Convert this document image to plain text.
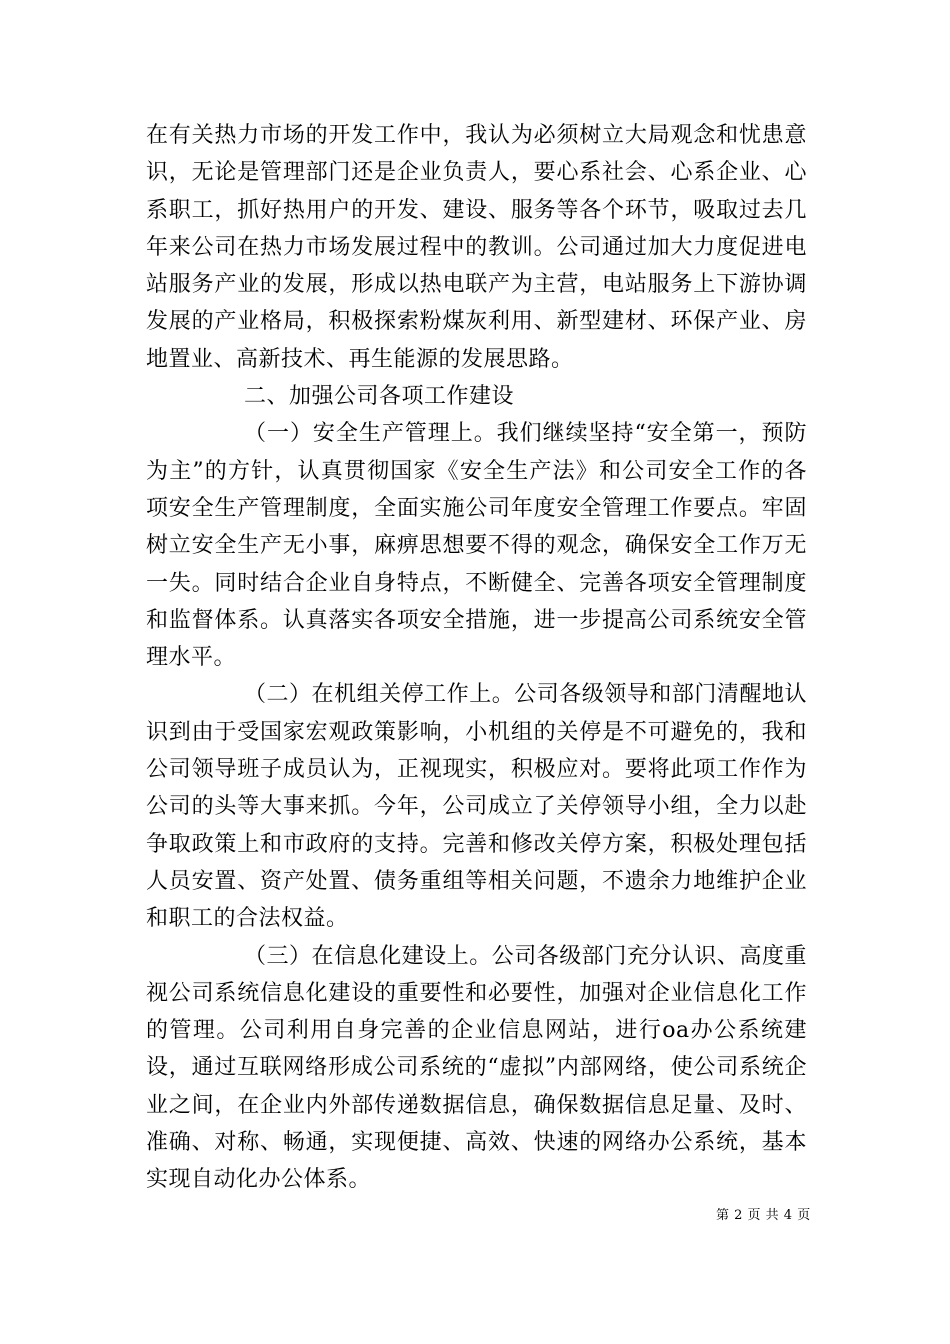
在有关热力市场的开发工作中，我认为必须树立大局观念和忧患意识，无论是管理部门还是企业负责人，要心系社会、心系企业、心系职工，抓好热用户的开发、建设、服务等各个环节，吸取过去几年来公司在热力市场发展过程中的教训。公司通过加大力度促进电站服务产业的发展，形成以热电联产为主营，电站服务上下游协调发展的产业格局，积极探索粉煤灰利用、新型建材、环保产业、房地置业、高新技术、再生能源的发展思路。

二、加强公司各项工作建设

（一）安全生产管理上。我们继续坚持“安全第一，预防为主”的方针，认真贯彻国家《安全生产法》和公司安全工作的各项安全生产管理制度，全面实施公司年度安全管理工作要点。牢固树立安全生产无小事，麻痹思想要不得的观念，确保安全工作万无一失。同时结合企业自身特点，不断健全、完善各项安全管理制度和监督体系。认真落实各项安全措施，进一步提高公司系统安全管理水平。

（二）在机组关停工作上。公司各级领导和部门清醒地认识到由于受国家宏观政策影响，小机组的关停是不可避免的，我和公司领导班子成员认为，正视现实，积极应对。要将此项工作作为公司的头等大事来抓。今年，公司成立了关停领导小组，全力以赴争取政策上和市政府的支持。完善和修改关停方案，积极处理包括人员安置、资产处置、债务重组等相关问题，不遗余力地维护企业和职工的合法权益。

（三）在信息化建设上。公司各级部门充分认识、高度重视公司系统信息化建设的重要性和必要性，加强对企业信息化工作的管理。公司利用自身完善的企业信息网站，进行oa办公系统建设，通过互联网络形成公司系统的“虚拟”内部网络，使公司系统企业之间，在企业内外部传递数据信息，确保数据信息足量、及时、准确、对称、畅通，实现便捷、高效、快速的网络办公系统，基本实现自动化办公体系。

第 2 页 共 4 页
